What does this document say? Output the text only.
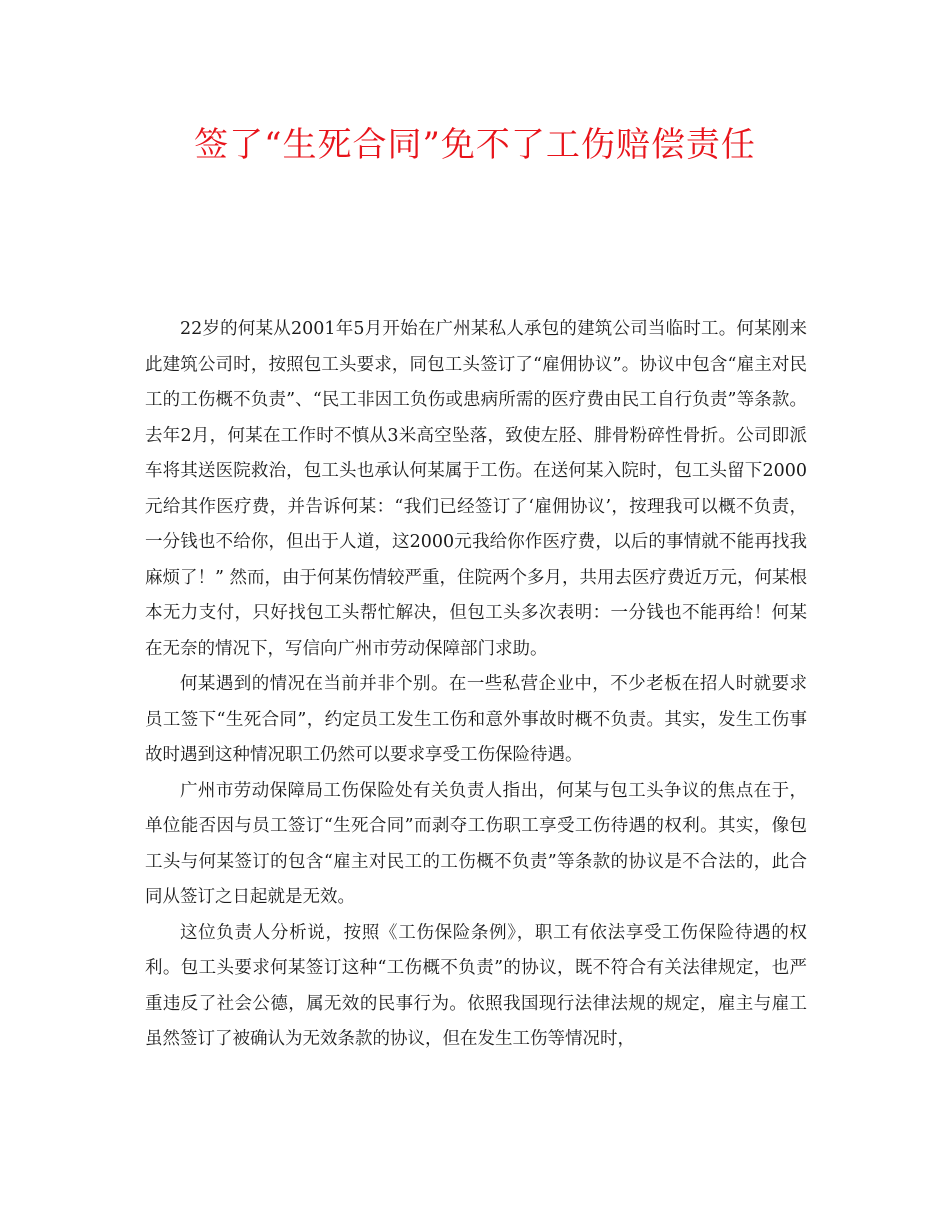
签了“生死合同”免不了工伤赔偿责任

22岁的何某从2001年5月开始在广州某私人承包的建筑公司当临时工。何某刚来此建筑公司时，按照包工头要求，同包工头签订了“雇佣协议”。协议中包含“雇主对民工的工伤概不负责”、“民工非因工负伤或患病所需的医疗费由民工自行负责”等条款。去年2月，何某在工作时不慎从3米高空坠落，致使左胫、腓骨粉碎性骨折。公司即派车将其送医院救治，包工头也承认何某属于工伤。在送何某入院时，包工头留下2000元给其作医疗费，并告诉何某：“我们已经签订了‘雇佣协议’，按理我可以概不负责，一分钱也不给你，但出于人道，这2000元我给你作医疗费，以后的事情就不能再找我麻烦了！” 然而，由于何某伤情较严重，住院两个多月，共用去医疗费近万元，何某根本无力支付，只好找包工头帮忙解决，但包工头多次表明：一分钱也不能再给！何某在无奈的情况下，写信向广州市劳动保障部门求助。

何某遇到的情况在当前并非个别。在一些私营企业中，不少老板在招人时就要求员工签下“生死合同”，约定员工发生工伤和意外事故时概不负责。其实，发生工伤事故时遇到这种情况职工仍然可以要求享受工伤保险待遇。

广州市劳动保障局工伤保险处有关负责人指出，何某与包工头争议的焦点在于，单位能否因与员工签订“生死合同”而剥夺工伤职工享受工伤待遇的权利。其实，像包工头与何某签订的包含“雇主对民工的工伤概不负责”等条款的协议是不合法的，此合同从签订之日起就是无效。

这位负责人分析说，按照《工伤保险条例》，职工有依法享受工伤保险待遇的权利。包工头要求何某签订这种“工伤概不负责”的协议，既不符合有关法律规定，也严重违反了社会公德，属无效的民事行为。依照我国现行法律法规的规定，雇主与雇工虽然签订了被确认为无效条款的协议，但在发生工伤等情况时，
